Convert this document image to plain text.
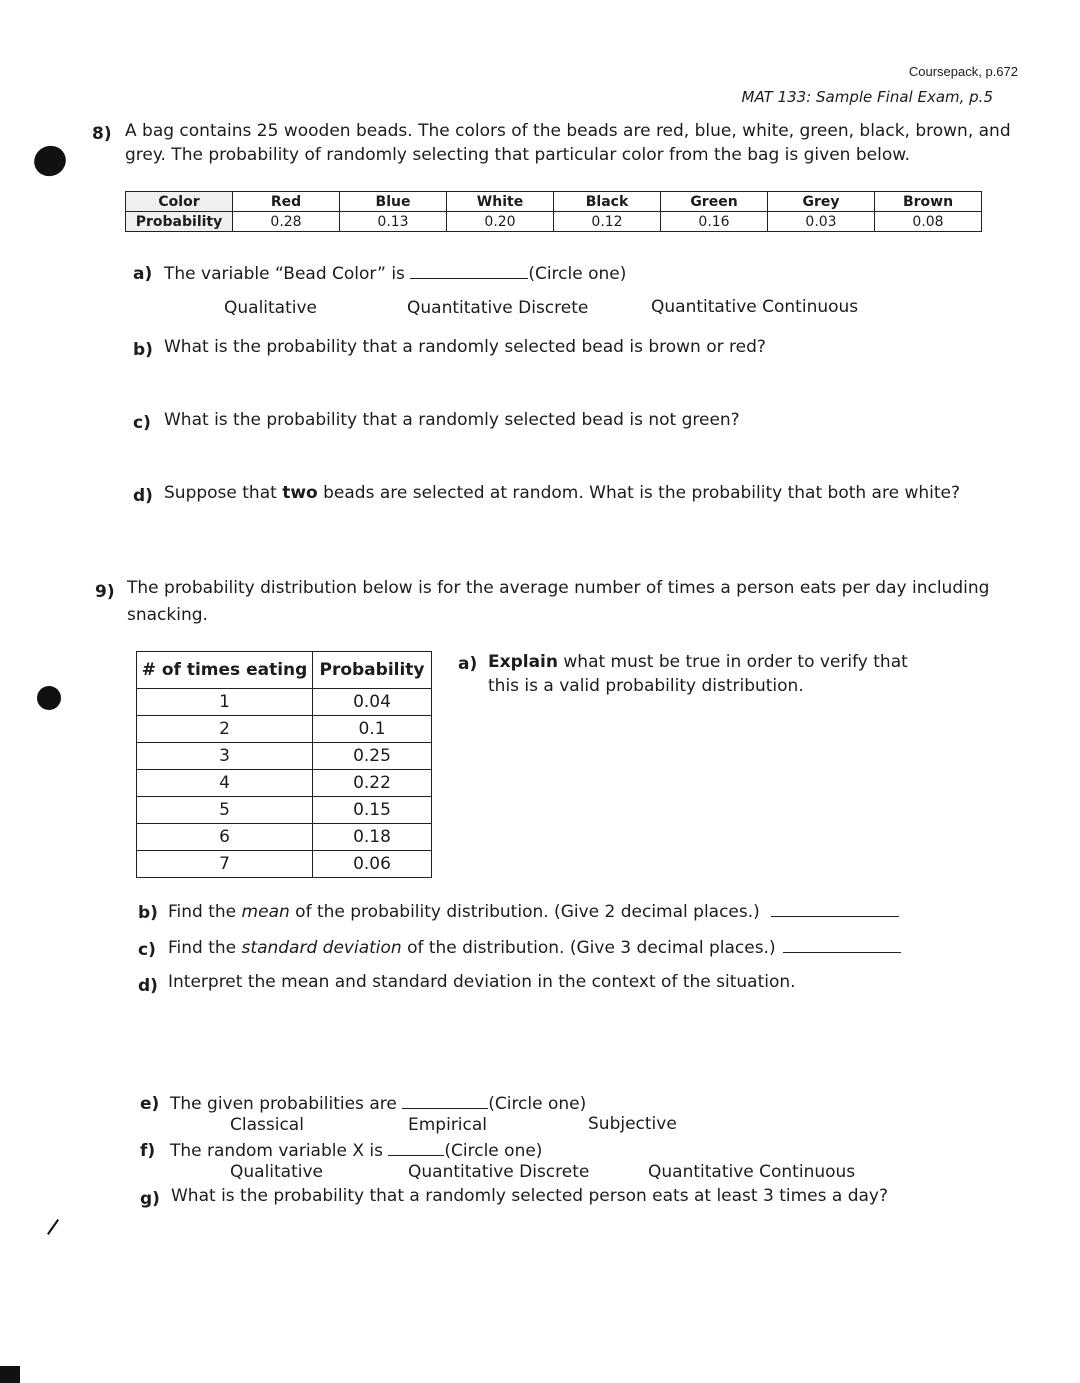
Coursepack, p.672
MAT 133: Sample Final Exam, p.5
8) A bag contains 25 wooden beads. The colors of the beads are red, blue, white, green, black, brown, and
grey. The probability of randomly selecting that particular color from the bag is given below.
Color	Red	Blue	White	Black	Green	Grey	Brown
Probability	0.28	0.13	0.20	0.12	0.16	0.03	0.08
a) The variable “Bead Color” is	(Circle one)
Qualitative	Quantitative Discrete	Quantitative Continuous
b) What is the probability that a randomly selected bead is brown or red?
c) What is the probability that a randomly selected bead is not green?
d) Suppose that two beads are selected at random. What is the probability that both are white?
9) The probability distribution below is for the average number of times a person eats per day including
snacking.
# of times eating	Probability
1	0.04
2	0.1
3	0.25
4	0.22
5	0.15
6	0.18
7	0.06
a) Explain what must be true in order to verify that
this is a valid probability distribution.
b) Find the mean of the probability distribution. (Give 2 decimal places.)
c) Find the standard deviation of the distribution. (Give 3 decimal places.)
d) Interpret the mean and standard deviation in the context of the situation.
e) The given probabilities are	(Circle one)
Classical	Empirical	Subjective
f) The random variable X is	(Circle one)
Qualitative	Quantitative Discrete	Quantitative Continuous
g) What is the probability that a randomly selected person eats at least 3 times a day?
